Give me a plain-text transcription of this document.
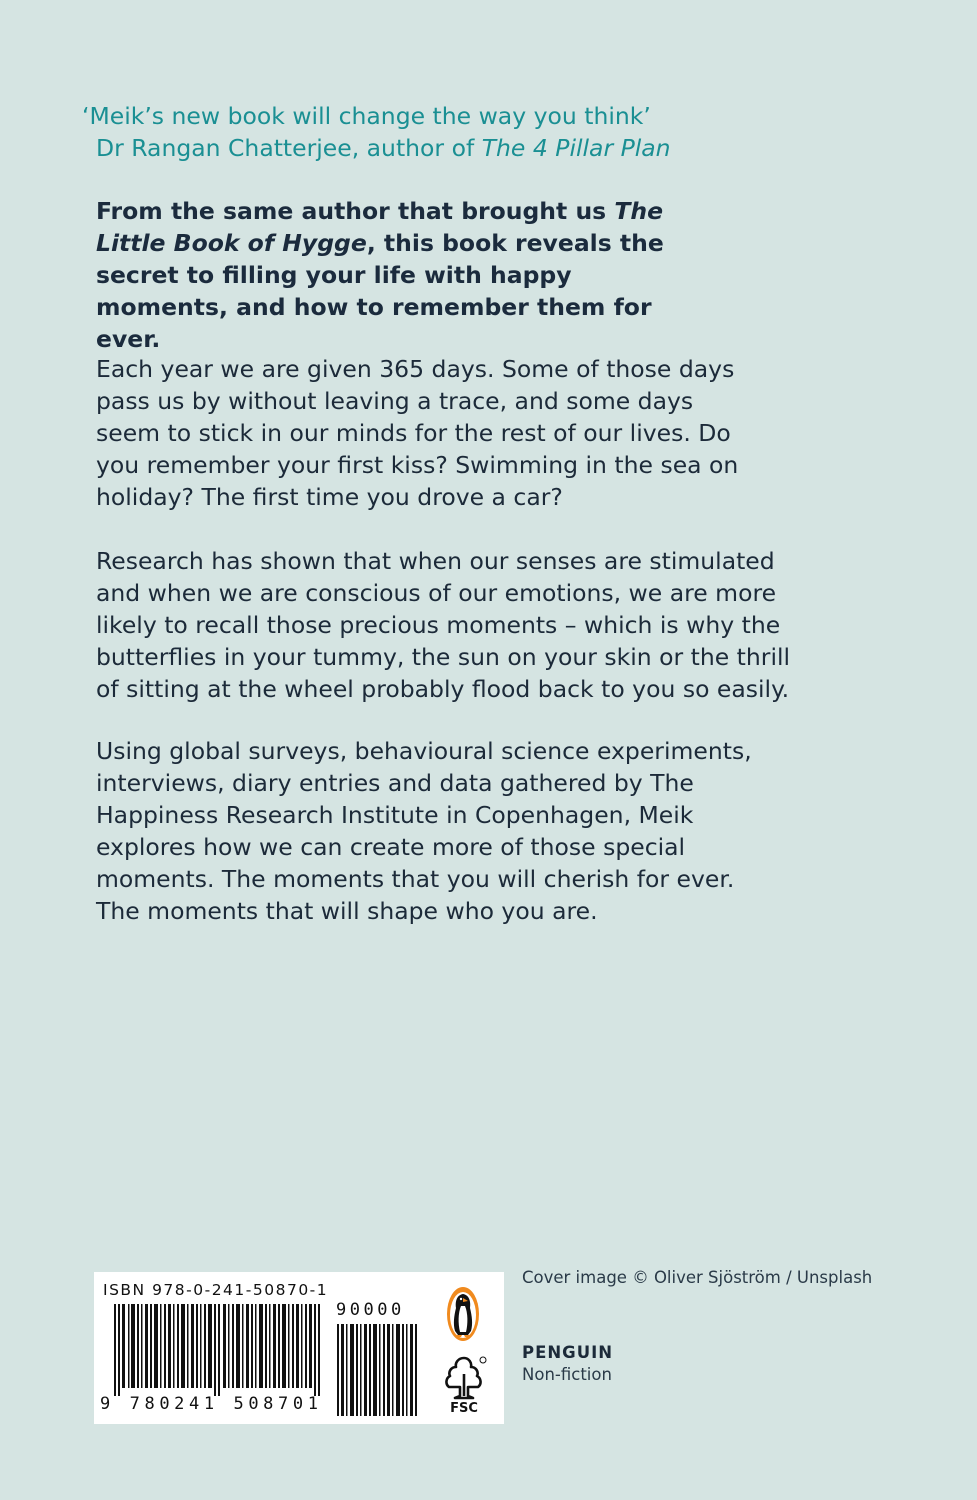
‘Meik’s new book will change the way you think’
Dr Rangan Chatterjee, author of The 4 Pillar Plan
From the same author that brought us The Little Book of Hygge, this book reveals the secret to filling your life with happy moments, and how to remember them for ever.
Each year we are given 365 days. Some of those days pass us by without leaving a trace, and some days seem to stick in our minds for the rest of our lives. Do you remember your first kiss? Swimming in the sea on holiday? The first time you drove a car?
Research has shown that when our senses are stimulated and when we are conscious of our emotions, we are more likely to recall those precious moments – which is why the butterflies in your tummy, the sun on your skin or the thrill of sitting at the wheel probably flood back to you so easily.
Using global surveys, behavioural science experiments, interviews, diary entries and data gathered by The Happiness Research Institute in Copenhagen, Meik explores how we can create more of those special moments. The moments that you will cherish for ever. The moments that will shape who you are.
ISBN 978-0-241-50870-1
9 780241 508701
90000
FSC
Cover image © Oliver Sjöström / Unsplash
PENGUIN
Non-fiction
